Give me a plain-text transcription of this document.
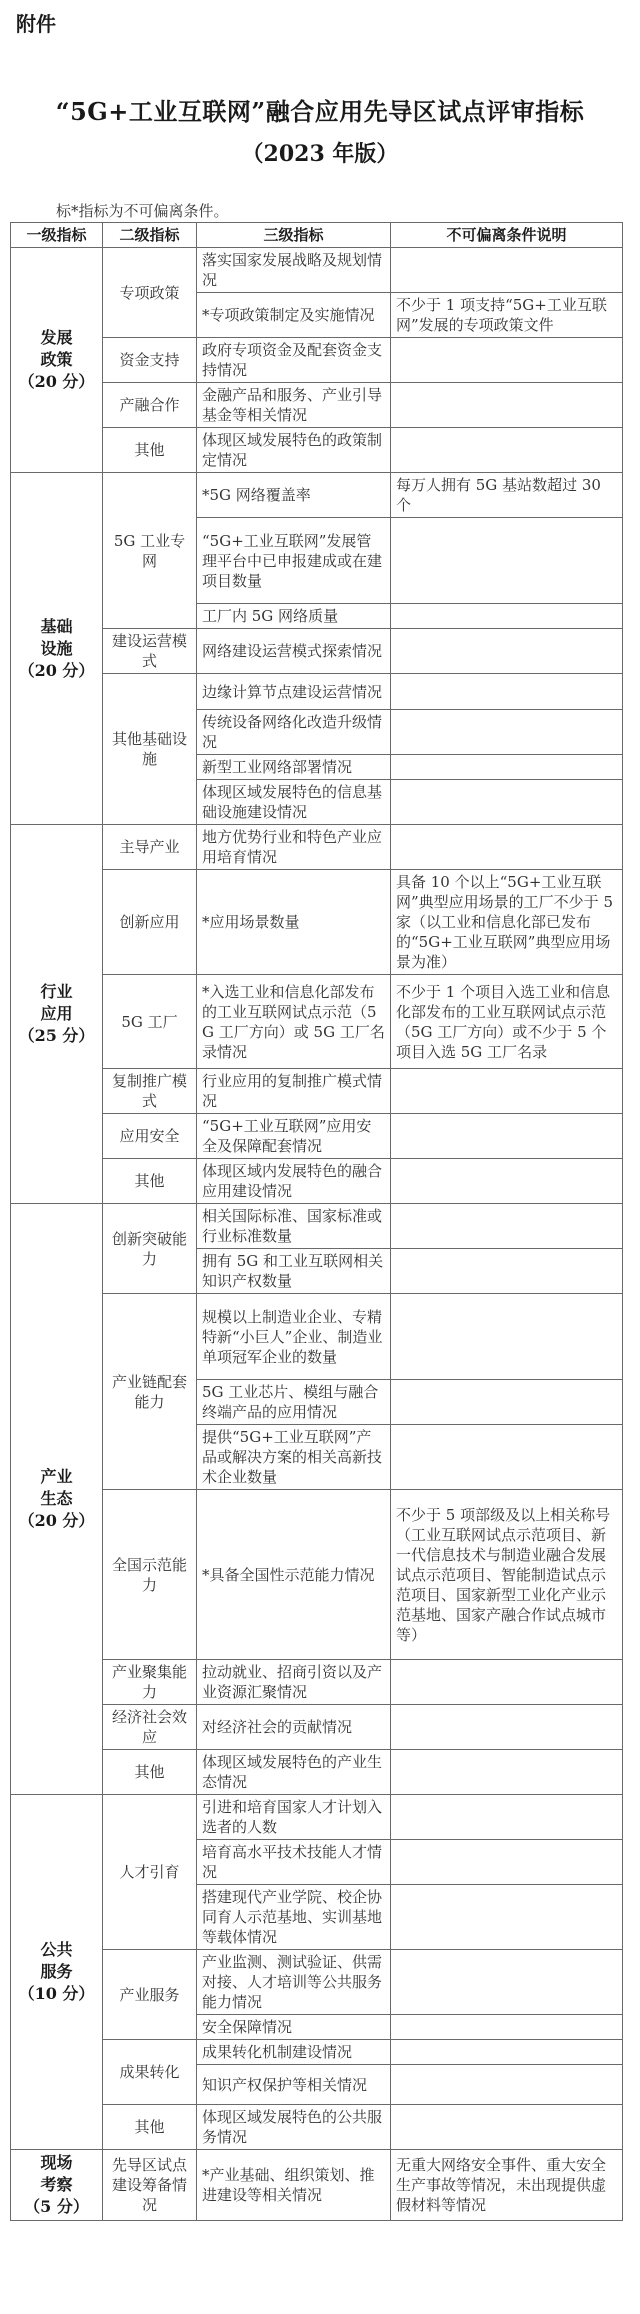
附件
“5G+工业互联网”融合应用先导区试点评审指标
（2023 年版）
标*指标为不可偏离条件。
一级指标	二级指标	三级指标	不可偏离条件说明

发展政策
（20 分）	专项政策	落实国家发展战略及规划情况	
		*专项政策制定及实施情况	不少于 1 项支持“5G+工业互联网”发展的专项政策文件
	资金支持	政府专项资金及配套资金支持情况	
	产融合作	金融产品和服务、产业引导基金等相关情况	
	其他	体现区域发展特色的政策制定情况	

基础设施
（20 分）	5G 工业专网	*5G 网络覆盖率	每万人拥有 5G 基站数超过 30 个
		“5G+工业互联网”发展管理平台中已申报建成或在建项目数量	
		工厂内 5G 网络质量	
	建设运营模式	网络建设运营模式探索情况	
	其他基础设施	边缘计算节点建设运营情况	
		传统设备网络化改造升级情况	
		新型工业网络部署情况	
		体现区域发展特色的信息基础设施建设情况	

行业应用
（25 分）	主导产业	地方优势行业和特色产业应用培育情况	
	创新应用	*应用场景数量	具备 10 个以上“5G+工业互联网”典型应用场景的工厂不少于 5 家（以工业和信息化部已发布的“5G+工业互联网”典型应用场景为准）
	5G 工厂	*入选工业和信息化部发布的工业互联网试点示范（5G 工厂方向）或 5G 工厂名录情况	不少于 1 个项目入选工业和信息化部发布的工业互联网试点示范（5G 工厂方向）或不少于 5 个项目入选 5G 工厂名录
	复制推广模式	行业应用的复制推广模式情况	
	应用安全	“5G+工业互联网”应用安全及保障配套情况	
	其他	体现区域内发展特色的融合应用建设情况	

产业生态
（20 分）	创新突破能力	相关国际标准、国家标准或行业标准数量	
		拥有 5G 和工业互联网相关知识产权数量	
	产业链配套能力	规模以上制造业企业、专精特新“小巨人”企业、制造业单项冠军企业的数量	
		5G 工业芯片、模组与融合终端产品的应用情况	
		提供“5G+工业互联网”产品或解决方案的相关高新技术企业数量	
	全国示范能力	*具备全国性示范能力情况	不少于 5 项部级及以上相关称号（工业互联网试点示范项目、新一代信息技术与制造业融合发展试点示范项目、智能制造试点示范项目、国家新型工业化产业示范基地、国家产融合作试点城市等）
	产业聚集能力	拉动就业、招商引资以及产业资源汇聚情况	
	经济社会效应	对经济社会的贡献情况	
	其他	体现区域发展特色的产业生态情况	

公共服务
（10 分）	人才引育	引进和培育国家人才计划入选者的人数	
		培育高水平技术技能人才情况	
		搭建现代产业学院、校企协同育人示范基地、实训基地等载体情况	
	产业服务	产业监测、测试验证、供需对接、人才培训等公共服务能力情况	
		安全保障情况	
	成果转化	成果转化机制建设情况	
		知识产权保护等相关情况	
	其他	体现区域发展特色的公共服务情况	

现场考察
（5 分）	先导区试点建设筹备情况	*产业基础、组织策划、推进建设等相关情况	无重大网络安全事件、重大安全生产事故等情况，未出现提供虚假材料等情况
